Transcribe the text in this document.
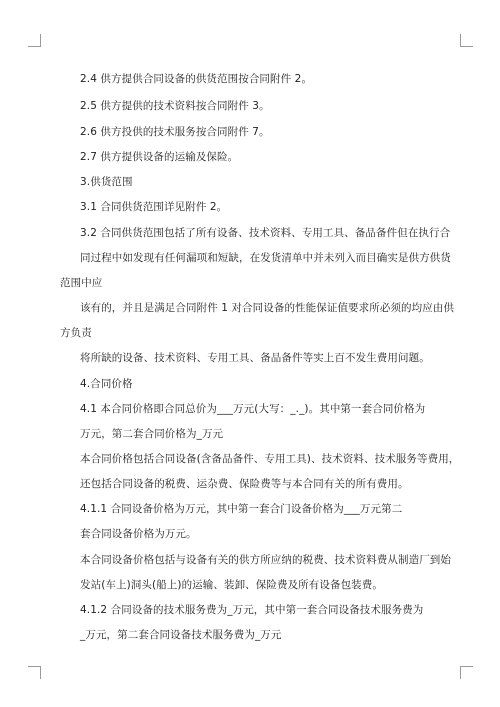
2.4 供方提供合同设备的供货范围按合同附件 2。
2.5 供方提供的技术资料按合同附件 3。
2.6 供方投供的技术服务按合同附件 7。
2.7 供方提供设备的运输及保险。
3.供货范围
3.1 合同供货范围详见附件 2。
3.2 合同供货范围包括了所有设备、技术资料、专用工具、备品备件但在执行合
同过程中如发现有任何漏项和短缺，在发货清单中并未列入而目确实是供方供货
范围中应
该有的，并且是满足合同附件 1 对合同设备的性能保证值要求所必须的均应由供
方负责
将所缺的设备、技术资料、专用工具、备品备件等实上百不发生费用问题。
4.合同价格
4.1 本合同价格即合同总价为___万元(大写：_._)。其中第一套合同价格为
万元，第二套合同价格为_万元
本合同价格包括合同设备(含备品备件、专用工具)、技术资料、技术服务等费用，
还包括合同设备的税费、运杂费、保险费等与本合同有关的所有费用。
4.1.1 合同设备价格为万元，其中第一套合门设备价格为___万元第二
套合同设备价格为万元。
本合同设备价格包括与设备有关的供方所应纳的税费、技术资料费从制造厂到始
发站(车上)洞头(船上)的运输、装卸、保险费及所有设备包装费。
4.1.2 合同设备的技术服务费为_万元，其中第一套合同设备技术服务费为
_万元，第二套合同设备技术服务费为_万元
